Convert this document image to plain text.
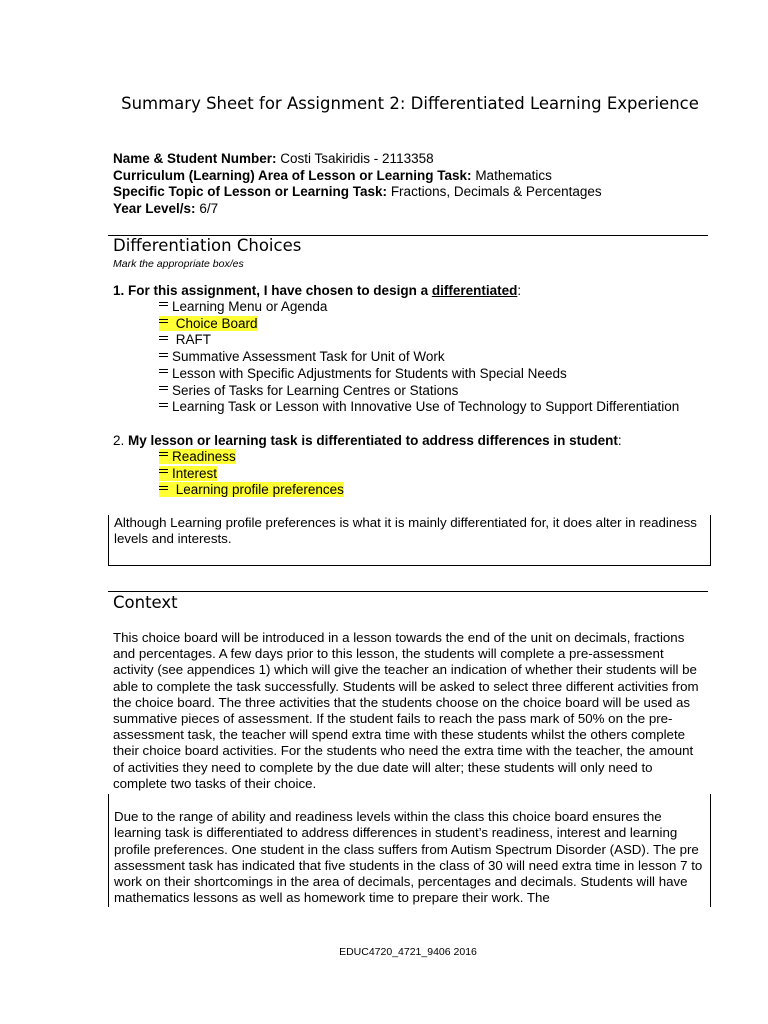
Summary Sheet for Assignment 2: Differentiated Learning Experience
Name & Student Number: Costi Tsakiridis - 2113358
Curriculum (Learning) Area of Lesson or Learning Task: Mathematics
Specific Topic of Lesson or Learning Task: Fractions, Decimals & Percentages
Year Level/s: 6/7
Differentiation Choices
Mark the appropriate box/es
1. For this assignment, I have chosen to design a differentiated:
Learning Menu or Agenda
Choice Board
RAFT
Summative Assessment Task for Unit of Work
Lesson with Specific Adjustments for Students with Special Needs
Series of Tasks for Learning Centres or Stations
Learning Task or Lesson with Innovative Use of Technology to Support Differentiation
2. My lesson or learning task is differentiated to address differences in student:
Readiness
Interest
Learning profile preferences
Although Learning profile preferences is what it is mainly differentiated for, it does alter in readiness levels and interests.
Context

This choice board will be introduced in a lesson towards the end of the unit on decimals, fractions and percentages. A few days prior to this lesson, the students will complete a pre-assessment activity (see appendices 1) which will give the teacher an indication of whether their students will be able to complete the task successfully. Students will be asked to select three different activities from the choice board. The three activities that the students choose on the choice board will be used as summative pieces of assessment. If the student fails to reach the pass mark of 50% on the pre-assessment task, the teacher will spend extra time with these students whilst the others complete their choice board activities. For the students who need the extra time with the teacher, the amount of activities they need to complete by the due date will alter; these students will only need to complete two tasks of their choice.

Due to the range of ability and readiness levels within the class this choice board ensures the learning task is differentiated to address differences in student’s readiness, interest and learning profile preferences. One student in the class suffers from Autism Spectrum Disorder (ASD). The pre assessment task has indicated that five students in the class of 30 will need extra time in lesson 7 to work on their shortcomings in the area of decimals, percentages and decimals. Students will have mathematics lessons as well as homework time to prepare their work. The
EDUC4720_4721_9406 2016
